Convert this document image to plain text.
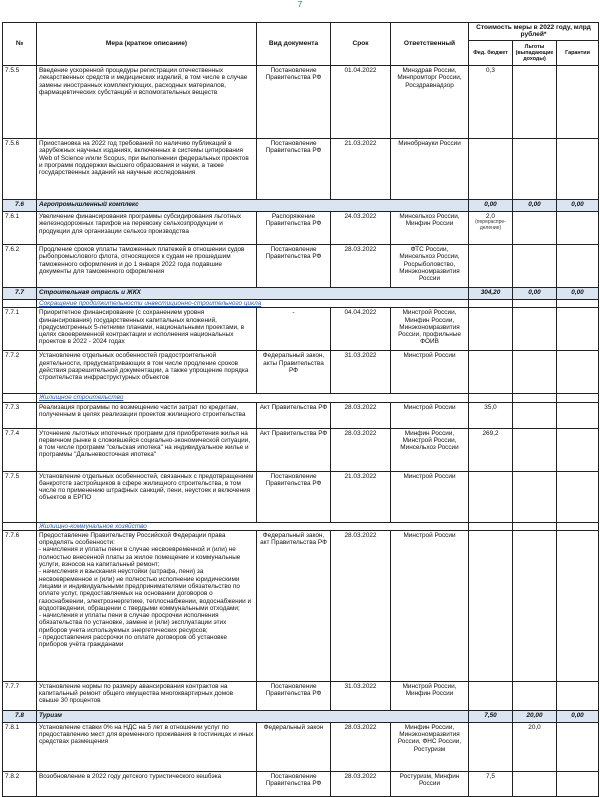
7
№	Мера (краткое описание)	Вид документа	Срок	Ответственный	Стоимость меры в 2022 году, млрд рублей*		
					Фед. бюджет	Льготы (выпадающие доходы)	Гарантии
7.5.5	Введение ускоренной процедуры регистрации отечественных лекарственных средств и медицинских изделий, в том числе в случае замены иностранных комплектующих, расходных материалов, фармацевтических субстанций и вспомогательных веществ	Постановление Правительства РФ	01.04.2022	Минздрав России, Минпромторг России, Росздравнадзор	0,3		

7.5.6	Приостановка на 2022 год требований по наличию публикаций в зарубежных научных изданиях, включенных в системы цитирования Web of Science и/или Scopus, при выполнении федеральных проектов и программ поддержки высшего образования и науки, а также государственных заданий на научные исследования	Постановление Правительства РФ	21.03.2022	Минобрнауки России	

7.6	Агропромышленный комплекс				0,00	0,00	0,00
7.6.1	Увеличение финансирования программы субсидирования льготных железнодорожных тарифов на перевозку сельхозпродукции и продукции для организации сельхоз производства	Распоряжение Правительства РФ	24.03.2022	Минсельхоз России, Минфин России	2,0
(перераспре-деление)		

7.6.2	Продление сроков уплаты таможенных платежей в отношении судов рыбопромыслового флота, относящихся к судам не прошедшим таможенного оформления и до 1 января 2022 года подавшие документы для таможенного оформления	Постановление Правительства РФ	28.03.2022	ФТС России, Минсельхоз России, Росрыболовство, Минэкономразвития России	

7.7	Строительная отрасль и ЖКХ				304,20	0,00	0,00
	Сокращение продолжительности инвестиционно-строительного цикла						
7.7.1	Приоритетное финансирование (с сохранением уровня финансирования) государственных капитальных вложений, предусмотренных 5-летними планами, национальными проектами, в целях своевременной контрактации и исполнения национальных проектов в 2022 - 2024 годах	-	04.04.2022	Минстрой России, Минфин России, Минэкономразвития России, профильные ФОИВ	

7.7.2	Установление отдельных особенностей градостроительной деятельности, предусматривающих в том числе продление сроков действия разрешительной документации, а также упрощение порядка строительства инфраструктурных объектов	Федеральный закон, акты Правительства РФ	31.03.2022	Минстрой России	

	Жилищное строительство						
7.7.3	Реализация программы по возмещению части затрат по кредитам, полученным в целях реализации проектов жилищного строительства	Акт Правительства РФ	28.03.2022	Минстрой России	35,0		

7.7.4	Уточнение льготных ипотечных программ для приобретения жилья на первичном рынке в сложившейся социально-экономической ситуации, в том числе программ "сельская ипотека" на индивидуальное жилье и программы "Дальневосточная ипотека"	Акт Правительства РФ	28.03.2022	Минфин России, Минстрой России, Минсельхоз России	269,2		

7.7.5	Установление отдельных особенностей, связанных с предотвращением банкротств застройщиков в сфере жилищного строительства, в том числе по применению штрафных санкций, пени, неустоек и включения объектов в ЕРПО	Постановление Правительства РФ	21.03.2022	Минстрой России	

	Жилищно-коммунальное хозяйство						
7.7.6	Предоставление Правительству Российской Федерации права определять особенности:
- начисления и уплаты пени в случае несвоевременной и (или) не полностью внесенной платы за жилое помещение и коммунальные услуги, взносов на капитальный ремонт;
- начисления и взыскания неустойки (штрафа, пени) за несвоевременное и (или) не полностью исполнение юридическими лицами и индивидуальными предпринимателями обязательство по оплате услуг, предоставляемых на основании договоров о газоснабжении, электроэнергетике, теплоснабжении, водоснабжении и водоотведении, обращении с твердыми коммунальными отходами;
- начисления и уплаты пени в случае просрочки исполнения обязательства по установке, замене и (или) эксплуатации этих приборов учета используемых энергетических ресурсов;
- предоставления рассрочки по оплате договоров об установке приборов учёта гражданами	Федеральный закон, акт Правительства РФ	28.03.2022	Минстрой России	

7.7.7	Установление нормы по размеру авансирования контрактов на капитальный ремонт общего имущества многоквартирных домов свыше 30 процентов	Постановление Правительства РФ	31.03.2022	Минстрой России, Минфин России	

7.8	Туризм				7,50	20,00	0,00
7.8.1	Установление ставки 0% на НДС на 5 лет в отношении услуг по предоставлению мест для временного проживания в гостиницах и иных средствах размещения	Федеральный закон	28.03.2022	Минфин России, Минэкономразвития России, ФНС России, Ростуризм		20,0	
7.8.2	Возобновление в 2022 году детского туристического кешбэка	Постановление Правительства РФ	28.03.2022	Ростуризм, Минфин России	7,5		
